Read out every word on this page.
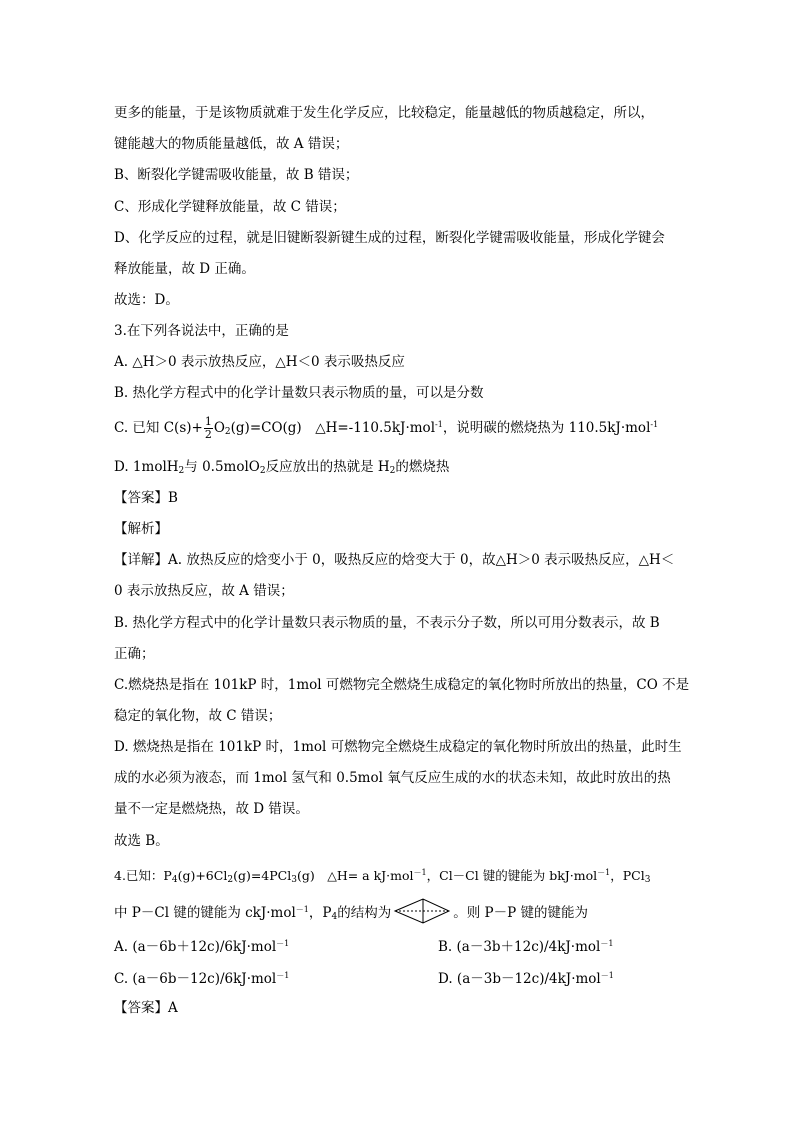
更多的能量，于是该物质就难于发生化学反应，比较稳定，能量越低的物质越稳定，所以，
键能越大的物质能量越低，故 A 错误；
B、断裂化学键需吸收能量，故 B 错误；
C、形成化学键释放能量，故 C 错误；
D、化学反应的过程，就是旧键断裂新键生成的过程，断裂化学键需吸收能量，形成化学键会
释放能量，故 D 正确。
故选：D。
3.在下列各说法中，正确的是
A. △H＞0 表示放热反应，△H＜0 表示吸热反应
B. 热化学方程式中的化学计量数只表示物质的量，可以是分数
C. 已知 $C(s)+ \frac{1}{2} O_2(g)=CO(g)$　△H=-110.5kJ·mol$^{-1}$，说明碳的燃烧热为 110.5kJ·mol$^{-1}$
D. 1molH$_2$与 0.5molO$_2$反应放出的热就是 $H_2$的燃烧热
【答案】B
【解析】
【详解】A. 放热反应的焓变小于 0，吸热反应的焓变大于 0，故△H＞0 表示吸热反应，△H＜
0 表示放热反应，故 A 错误；
B. 热化学方程式中的化学计量数只表示物质的量，不表示分子数，所以可用分数表示，故 B
正确；
C.燃烧热是指在 101kP 时，1mol 可燃物完全燃烧生成稳定的氧化物时所放出的热量，CO 不是
稳定的氧化物，故 C 错误；
D. 燃烧热是指在 101kP 时，1mol 可燃物完全燃烧生成稳定的氧化物时所放出的热量，此时生
成的水必须为液态，而 1mol 氢气和 0.5mol 氧气反应生成的水的状态未知，故此时放出的热
量不一定是燃烧热，故 D 错误。
故选 B。
4.已知：$P_4(g)+6Cl_2(g)=4PCl_3(g)$　△H= a kJ·mol$^{-1}$，Cl－Cl 键的键能为 bkJ·mol$^{-1}$，PCl$_3$
中 P－Cl 键的键能为 ckJ·mol$^{-1}$，$P_4$的结构为	。则 P－P 键的键能为
A. (a－6b＋12c)/6kJ·mol$^{-1}$	B. (a－3b＋12c)/4kJ·mol$^{-1}$
C. (a－6b－12c)/6kJ·mol$^{-1}$	D. (a－3b－12c)/4kJ·mol$^{-1}$
【答案】A
